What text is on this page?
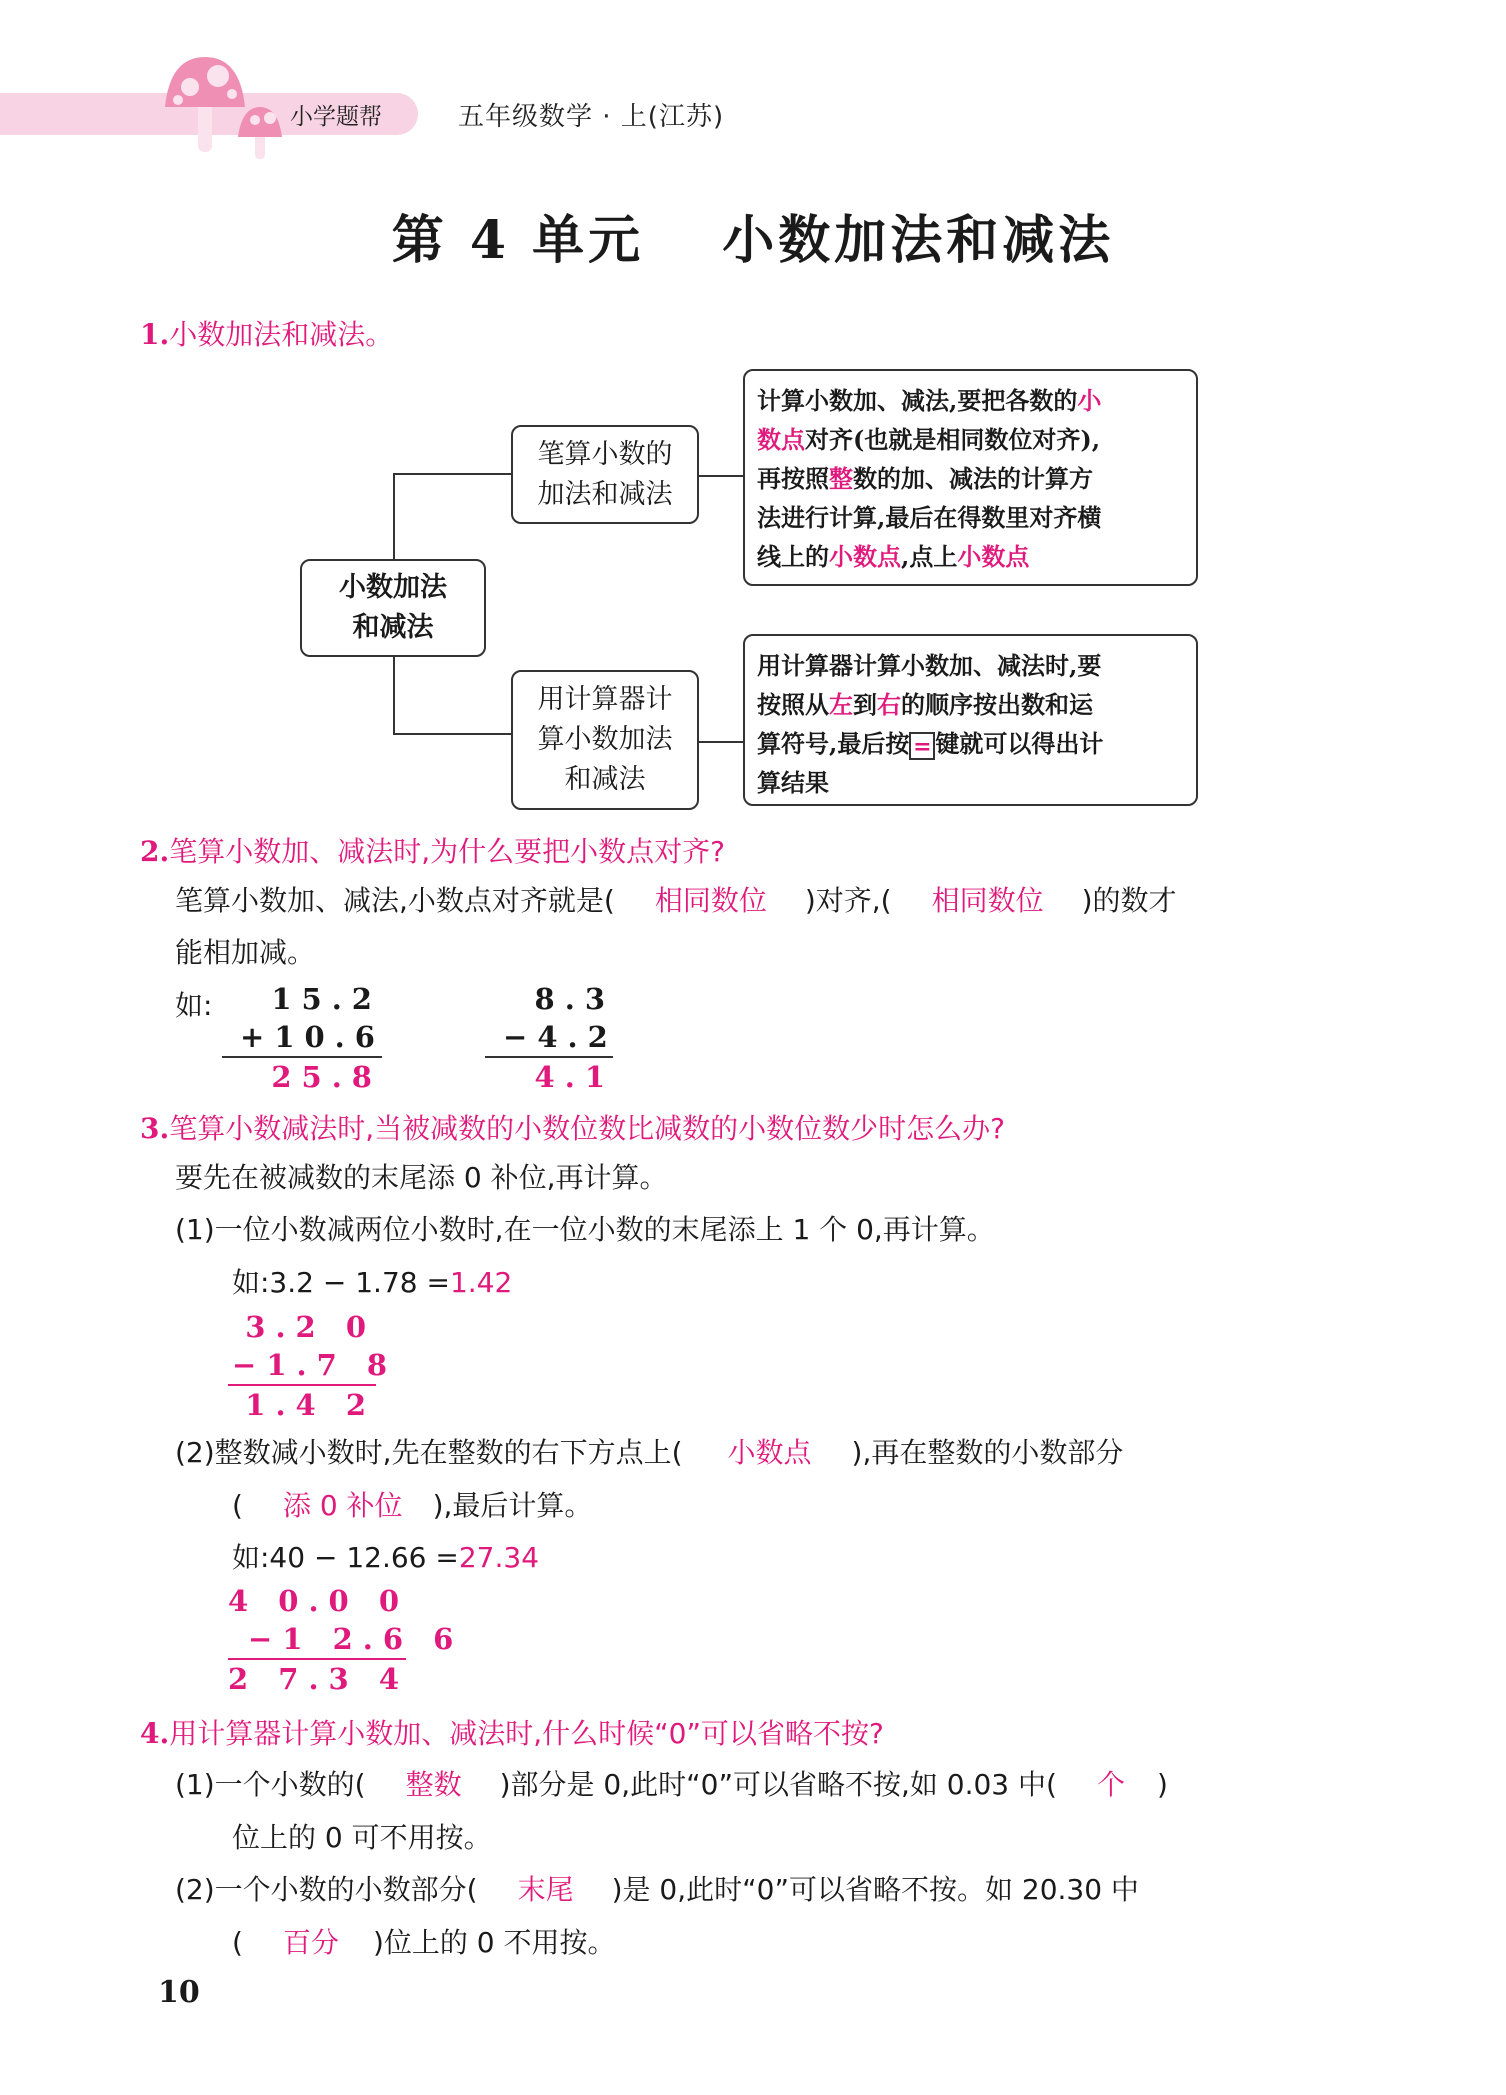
小学题帮	五年级数学 · 上(江苏)
第 4 单元　 小数加法和减法
1.小数加法和减法。
小数加法
和减法
笔算小数的
加法和减法
用计算器计
算小数加法
和减法
计算小数加、减法,要把各数的小
数点对齐(也就是相同数位对齐),
再按照整数的加、减法的计算方
法进行计算,最后在得数里对齐横
线上的小数点,点上小数点
用计算器计算小数加、减法时,要
按照从左到右的顺序按出数和运
算符号,最后按 = 键就可以得出计
算结果
2.笔算小数加、减法时,为什么要把小数点对齐?
笔算小数加、减法,小数点对齐就是( 相同数位 )对齐,( 相同数位 )的数才
能相加减。
如:	15.2
+ 10.6
25.8
8.3
− 4.2
4.1
3.笔算小数减法时,当被减数的小数位数比减数的小数位数少时怎么办?
要先在被减数的末尾添 0 补位,再计算。
(1)一位小数减两位小数时,在一位小数的末尾添上 1 个 0,再计算。
如:3.2 − 1.78 =1.42
3.2 0
− 1.7 8
1.4 2
(2)整数减小数时,先在整数的右下方点上( 小数点 ),再在整数的小数部分
( 添 0 补位 ),最后计算。
如:40 − 12.66 =27.34
4 0.0 0
− 1 2.6 6
2 7.3 4
4.用计算器计算小数加、减法时,什么时候“0”可以省略不按?
(1)一个小数的( 整数 )部分是 0,此时“0”可以省略不按,如 0.03 中( 个 )
位上的 0 可不用按。
(2)一个小数的小数部分( 末尾 )是 0,此时“0”可以省略不按。如 20.30 中
( 百分 )位上的 0 不用按。
10
